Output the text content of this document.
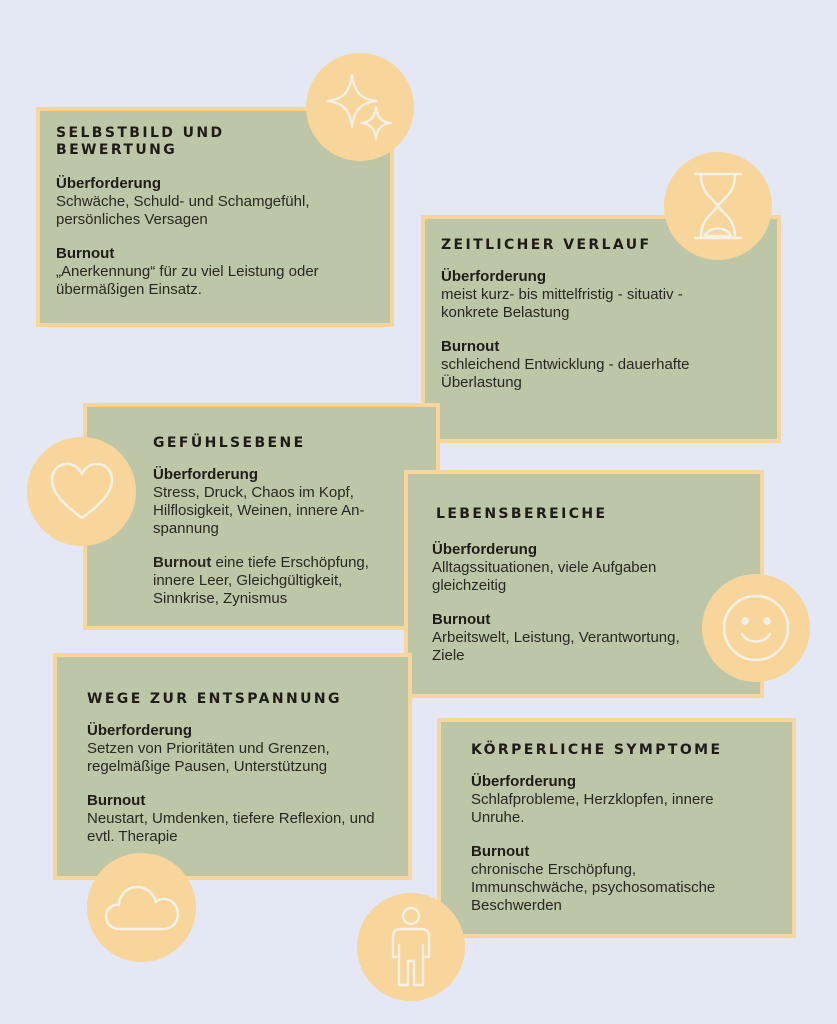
SELBSTBILD UND BEWERTUNG

Überforderung

Schwäche, Schuld- und Schamgefühl, persönliches Versagen

Burnout

„Anerkennung“ für zu viel Leistung oder übermäßigen Einsatz.

ZEITLICHER VERLAUF

Überforderung

meist kurz- bis mittelfristig - situativ - konkrete Belastung

Burnout

schleichend Entwicklung - dauerhafte Überlastung

GEFÜHLSEBENE

Überforderung

Stress, Druck, Chaos im Kopf, Hilflosigkeit, Weinen, innere An-spannung

Burnout eine tiefe Erschöpfung, innere Leer, Gleichgültigkeit, Sinnkrise, Zynismus

LEBENSBEREICHE

Überforderung

Alltagssituationen, viele Aufgaben gleichzeitig

Burnout

Arbeitswelt, Leistung, Verantwortung, Ziele

WEGE ZUR ENTSPANNUNG

Überforderung

Setzen von Prioritäten und Grenzen, regelmäßige Pausen, Unterstützung

Burnout

Neustart, Umdenken, tiefere Reflexion, und evtl. Therapie

KÖRPERLICHE SYMPTOME

Überforderung

Schlafprobleme, Herzklopfen, innere Unruhe.

Burnout

chronische Erschöpfung, Immunschwäche, psychosomatische Beschwerden
